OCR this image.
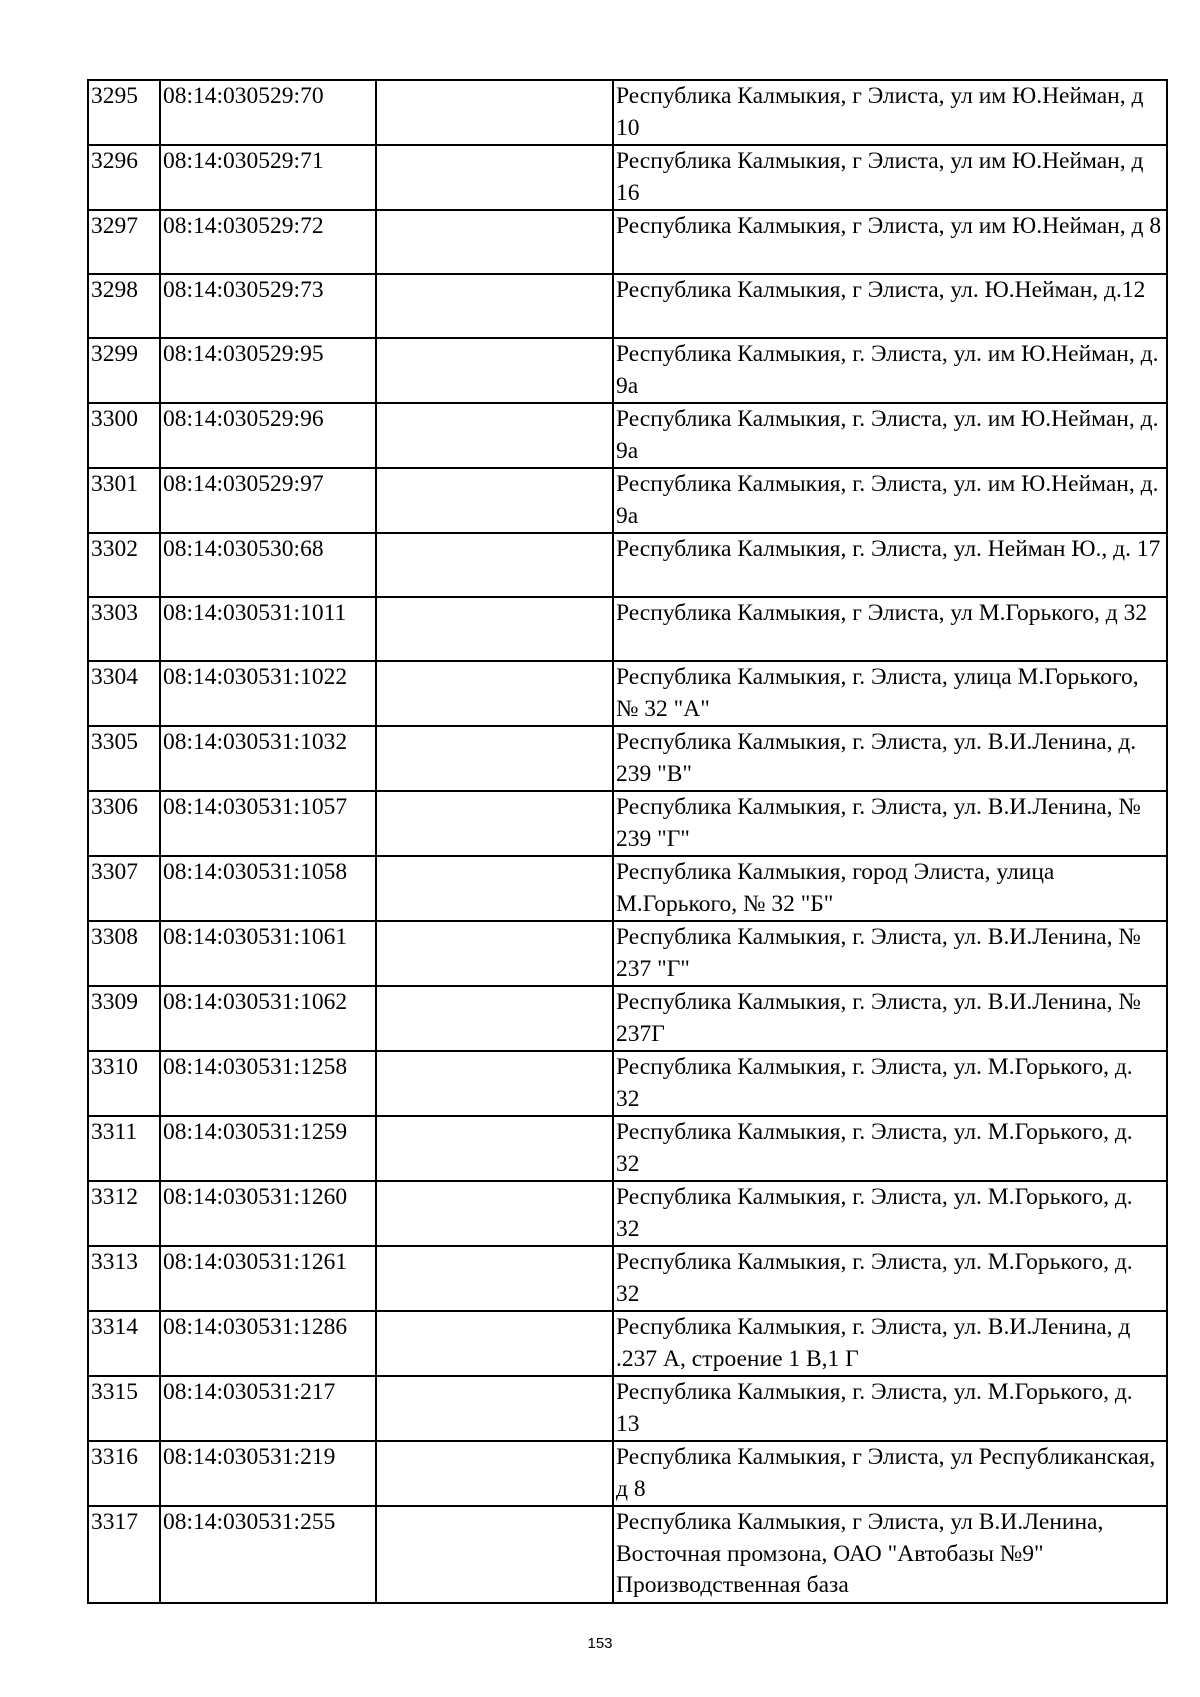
3295	08:14:030529:70		Республика Калмыкия, г Элиста, ул им Ю.Нейман, д 10
3296	08:14:030529:71		Республика Калмыкия, г Элиста, ул им Ю.Нейман, д 16
3297	08:14:030529:72		Республика Калмыкия, г Элиста, ул им Ю.Нейман, д 8
3298	08:14:030529:73		Республика Калмыкия, г Элиста, ул. Ю.Нейман, д.12
3299	08:14:030529:95		Республика Калмыкия, г. Элиста, ул. им Ю.Нейман, д. 9а
3300	08:14:030529:96		Республика Калмыкия, г. Элиста, ул. им Ю.Нейман, д. 9а
3301	08:14:030529:97		Республика Калмыкия, г. Элиста, ул. им Ю.Нейман, д. 9а
3302	08:14:030530:68		Республика Калмыкия, г. Элиста, ул. Нейман Ю., д. 17
3303	08:14:030531:1011		Республика Калмыкия, г Элиста, ул М.Горького, д 32
3304	08:14:030531:1022		Республика Калмыкия, г. Элиста, улица М.Горького, № 32 "А"
3305	08:14:030531:1032		Республика Калмыкия, г. Элиста, ул. В.И.Ленина, д. 239 "В"
3306	08:14:030531:1057		Республика Калмыкия, г. Элиста, ул. В.И.Ленина, № 239 "Г"
3307	08:14:030531:1058		Республика Калмыкия, город Элиста, улица М.Горького, № 32 "Б"
3308	08:14:030531:1061		Республика Калмыкия, г. Элиста, ул. В.И.Ленина, № 237 "Г"
3309	08:14:030531:1062		Республика Калмыкия, г. Элиста, ул. В.И.Ленина, № 237Г
3310	08:14:030531:1258		Республика Калмыкия, г. Элиста, ул. М.Горького, д. 32
3311	08:14:030531:1259		Республика Калмыкия, г. Элиста, ул. М.Горького, д. 32
3312	08:14:030531:1260		Республика Калмыкия, г. Элиста, ул. М.Горького, д. 32
3313	08:14:030531:1261		Республика Калмыкия, г. Элиста, ул. М.Горького, д. 32
3314	08:14:030531:1286		Республика Калмыкия, г. Элиста, ул. В.И.Ленина, д .237 А, строение 1 В,1 Г
3315	08:14:030531:217		Республика Калмыкия, г. Элиста, ул. М.Горького, д. 13
3316	08:14:030531:219		Республика Калмыкия, г Элиста, ул Республиканская, д 8
3317	08:14:030531:255		Республика Калмыкия, г Элиста, ул В.И.Ленина, Восточная промзона, ОАО "Автобазы №9" Производственная база
153
